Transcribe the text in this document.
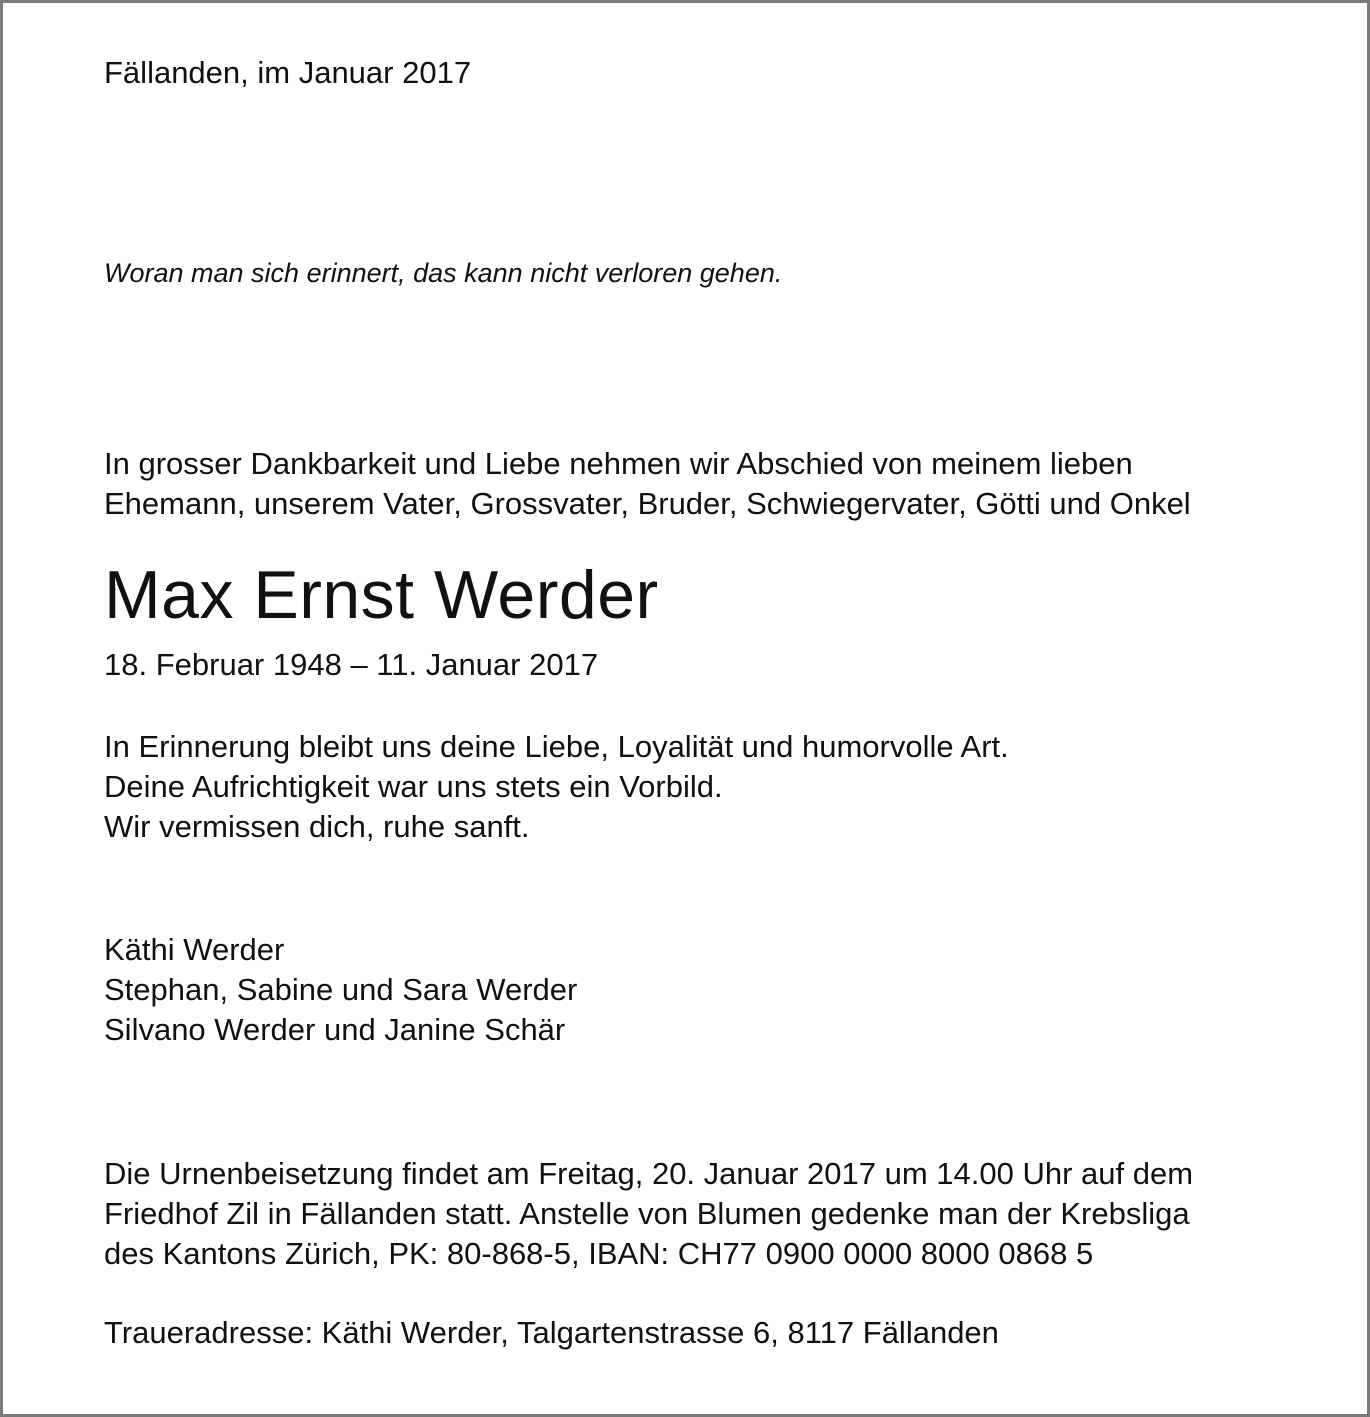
Fällanden, im Januar 2017

Woran man sich erinnert, das kann nicht verloren gehen.

In grosser Dankbarkeit und Liebe nehmen wir Abschied von meinem lieben
Ehemann, unserem Vater, Grossvater, Bruder, Schwiegervater, Götti und Onkel
Max Ernst Werder

18. Februar 1948 – 11. Januar 2017

In Erinnerung bleibt uns deine Liebe, Loyalität und humorvolle Art.
Deine Aufrichtigkeit war uns stets ein Vorbild.
Wir vermissen dich, ruhe sanft.
Käthi Werder
Stephan, Sabine und Sara Werder
Silvano Werder und Janine Schär
Die Urnenbeisetzung findet am Freitag, 20. Januar 2017 um 14.00 Uhr auf dem
Friedhof Zil in Fällanden statt. Anstelle von Blumen gedenke man der Krebsliga
des Kantons Zürich, PK: 80-868-5, IBAN: CH77 0900 0000 8000 0868 5

Traueradresse: Käthi Werder, Talgartenstrasse 6, 8117 Fällanden
